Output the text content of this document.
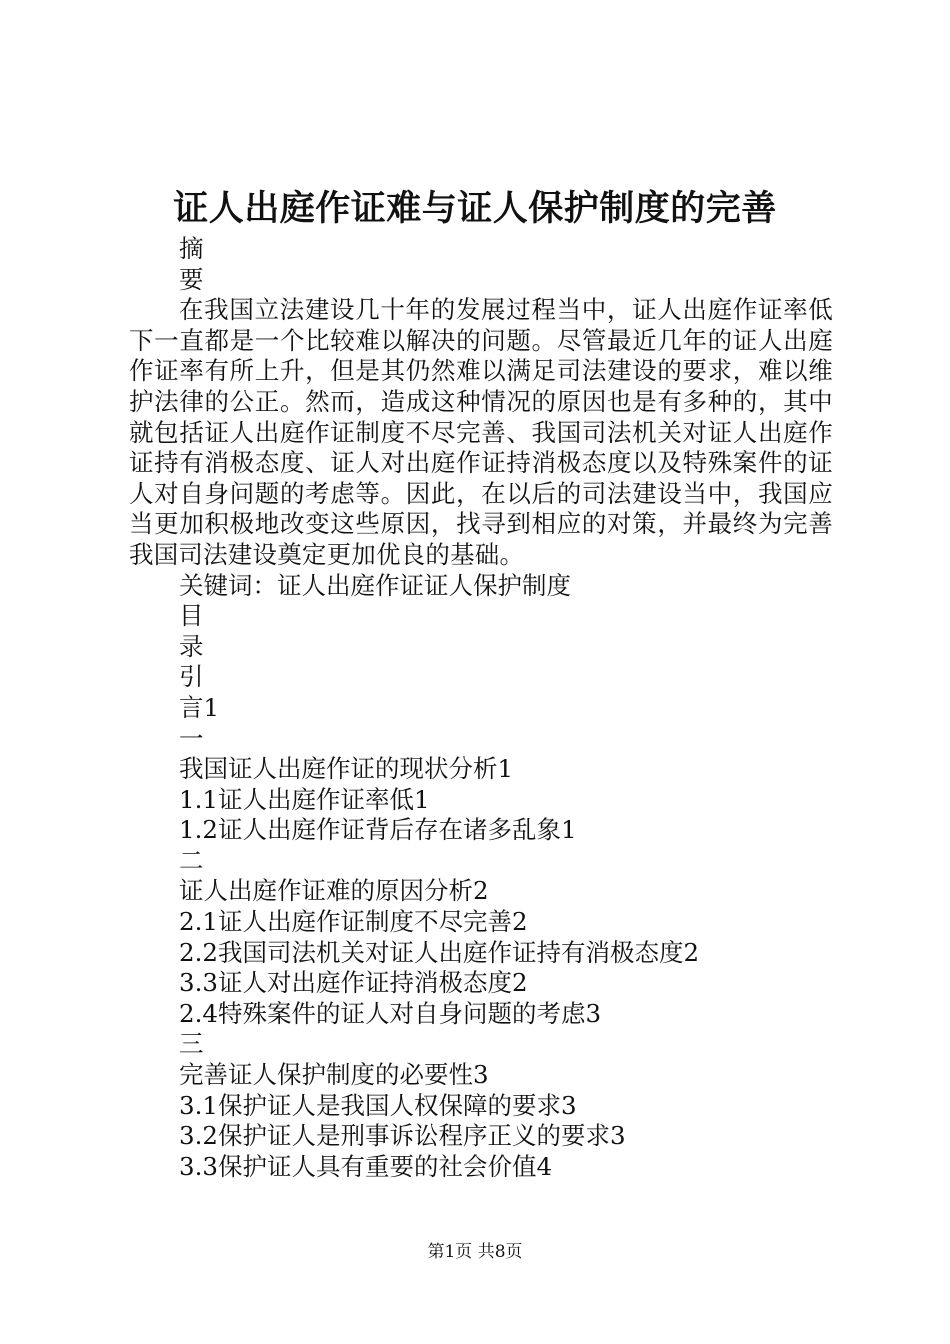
证人出庭作证难与证人保护制度的完善
摘
要
在我国立法建设几十年的发展过程当中，证人出庭作证率低下一直都是一个比较难以解决的问题。尽管最近几年的证人出庭作证率有所上升，但是其仍然难以满足司法建设的要求，难以维护法律的公正。然而，造成这种情况的原因也是有多种的，其中就包括证人出庭作证制度不尽完善、我国司法机关对证人出庭作证持有消极态度、证人对出庭作证持消极态度以及特殊案件的证人对自身问题的考虑等。因此，在以后的司法建设当中，我国应当更加积极地改变这些原因，找寻到相应的对策，并最终为完善我国司法建设奠定更加优良的基础。
关键词：证人出庭作证证人保护制度
目
录
引
言1
一
我国证人出庭作证的现状分析1
1.1证人出庭作证率低1
1.2证人出庭作证背后存在诸多乱象1
二
证人出庭作证难的原因分析2
2.1证人出庭作证制度不尽完善2
2.2我国司法机关对证人出庭作证持有消极态度2
3.3证人对出庭作证持消极态度2
2.4特殊案件的证人对自身问题的考虑3
三
完善证人保护制度的必要性3
3.1保护证人是我国人权保障的要求3
3.2保护证人是刑事诉讼程序正义的要求3
3.3保护证人具有重要的社会价值4
第1页 共8页
